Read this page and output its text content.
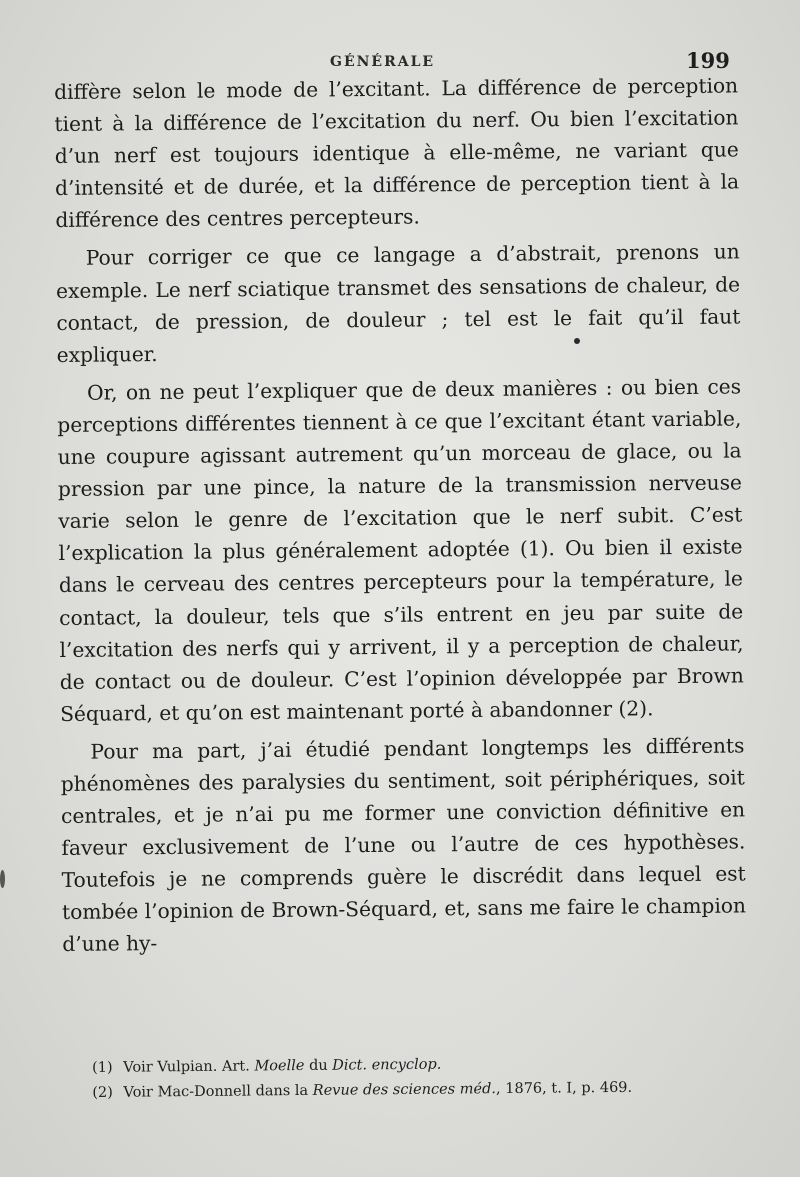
GÉNÉRALE	199

diffère selon le mode de l’excitant. La différence de perception tient à la différence de l’excitation du nerf. Ou bien l’excitation d’un nerf est toujours identique à elle-même, ne variant que d’intensité et de durée, et la différence de perception tient à la différence des centres percepteurs.

Pour corriger ce que ce langage a d’abstrait, prenons un exemple. Le nerf sciatique transmet des sensations de chaleur, de contact, de pression, de douleur ; tel est le fait qu’il faut expliquer.

Or, on ne peut l’expliquer que de deux manières : ou bien ces perceptions différentes tiennent à ce que l’excitant étant variable, une coupure agissant autrement qu’un morceau de glace, ou la pression par une pince, la nature de la transmission nerveuse varie selon le genre de l’excitation que le nerf subit. C’est l’explication la plus généralement adoptée (1). Ou bien il existe dans le cerveau des centres percepteurs pour la température, le contact, la douleur, tels que s’ils entrent en jeu par suite de l’excitation des nerfs qui y arrivent, il y a perception de chaleur, de contact ou de douleur. C’est l’opinion développée par Brown Séquard, et qu’on est maintenant porté à abandonner (2).

Pour ma part, j’ai étudié pendant longtemps les différents phénomènes des paralysies du sentiment, soit périphériques, soit centrales, et je n’ai pu me former une conviction définitive en faveur exclusivement de l’une ou l’autre de ces hypothèses. Toutefois je ne comprends guère le discrédit dans lequel est tombée l’opinion de Brown-Séquard, et, sans me faire le champion d’une hy-

(1) Voir Vulpian. Art. Moelle du Dict. encyclop.
(2) Voir Mac-Donnell dans la Revue des sciences méd., 1876, t. I, p. 469.
